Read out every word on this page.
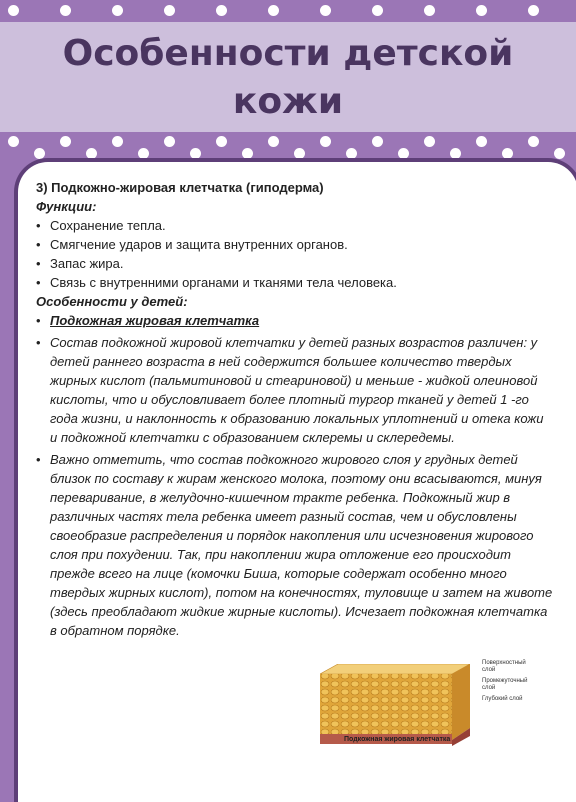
Особенности детской
кожи

3) Подкожно-жировая клетчатка (гиподерма)

Функции:

• Сохранение тепла.
• Смягчение ударов и защита внутренних органов.
• Запас жира.
• Связь с внутренними органами и тканями тела человека.

Особенности у детей:

• Подкожная жировая клетчатка
• Состав подкожной жировой клетчатки у детей разных возрастов различен: у детей раннего возраста в ней содержится большее количество твердых жирных кислот (пальмитиновой и стеариновой) и меньше - жидкой олеиновой кислоты, что и обусловливает более плотный тургор тканей у детей 1 -го года жизни, и наклонность к образованию локальных уплотнений и отека кожи и подкожной клетчатки с образованием склеремы и склередемы.
• Важно отметить, что состав подкожного жирового слоя у грудных детей близок по составу к жирам женского молока, поэтому они всасываются, минуя переваривание, в желудочно-кишечном тракте ребенка. Подкожный жир в различных частях тела ребенка имеет разный состав, чем и обусловлены своеобразие распределения и порядок накопления или исчезновения жирового слоя при похудении. Так, при накоплении жира отложение его происходит прежде всего на лице (комочки Биша, которые содержат особенно много твердых жирных кислот), потом на конечностях, туловище и затем на животе (здесь преобладают жидкие жирные кислоты). Исчезает подкожная клетчатка в обратном порядке.
Поверхностный слой
Промежуточный слой
Глубокий слой
Подкожная жировая клетчатка
